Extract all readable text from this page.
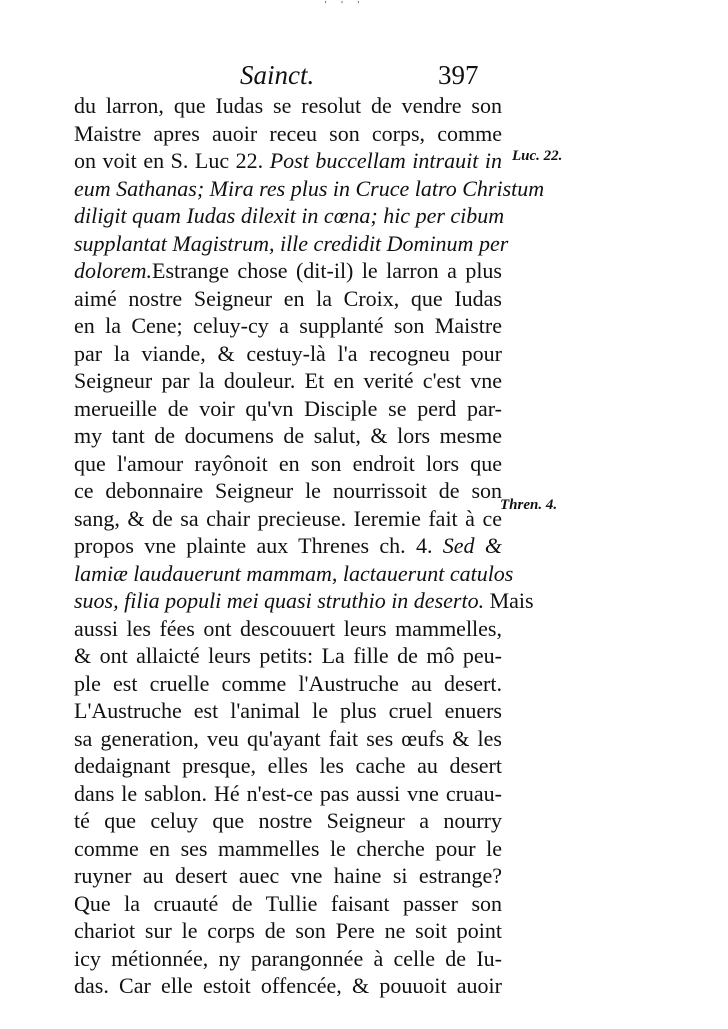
' ' '
Sainct.	397
du larron, que Iudas se resolut de vendre son
Maistre apres auoir receu son corps, comme
on voit en S. Luc 22. Post buccellam intrauit in
eum Sathanas; Mira res plus in Cruce latro Christum
diligit quam Iudas dilexit in cœna; hic per cibum
supplantat Magistrum, ille credidit Dominum per
dolorem.Estrange chose (dit-il) le larron a plus
aimé nostre Seigneur en la Croix, que Iudas
en la Cene; celuy-cy a supplanté son Maistre
par la viande, & cestuy-là l'a recogneu pour
Seigneur par la douleur. Et en verité c'est vne
merueille de voir qu'vn Disciple se perd par-
my tant de documens de salut, & lors mesme
que l'amour rayônoit en son endroit lors que
ce debonnaire Seigneur le nourrissoit de son
sang, & de sa chair precieuse. Ieremie fait à ce
propos vne plainte aux Threnes ch. 4. Sed &
lamiæ laudauerunt mammam, lactauerunt catulos
suos, filia populi mei quasi struthio in deserto. Mais
aussi les fées ont descouuert leurs mammelles,
& ont allaicté leurs petits: La fille de mô peu-
ple est cruelle comme l'Austruche au desert.
L'Austruche est l'animal le plus cruel enuers
sa generation, veu qu'ayant fait ses œufs & les
dedaignant presque, elles les cache au desert
dans le sablon. Hé n'est-ce pas aussi vne cruau-
té que celuy que nostre Seigneur a nourry
comme en ses mammelles le cherche pour le
ruyner au desert auec vne haine si estrange?
Que la cruauté de Tullie faisant passer son
chariot sur le corps de son Pere ne soit point
icy métionnée, ny parangonnée à celle de Iu-
das. Car elle estoit offencée, & pouuoit auoir
Luc. 22.
Thren. 4.
